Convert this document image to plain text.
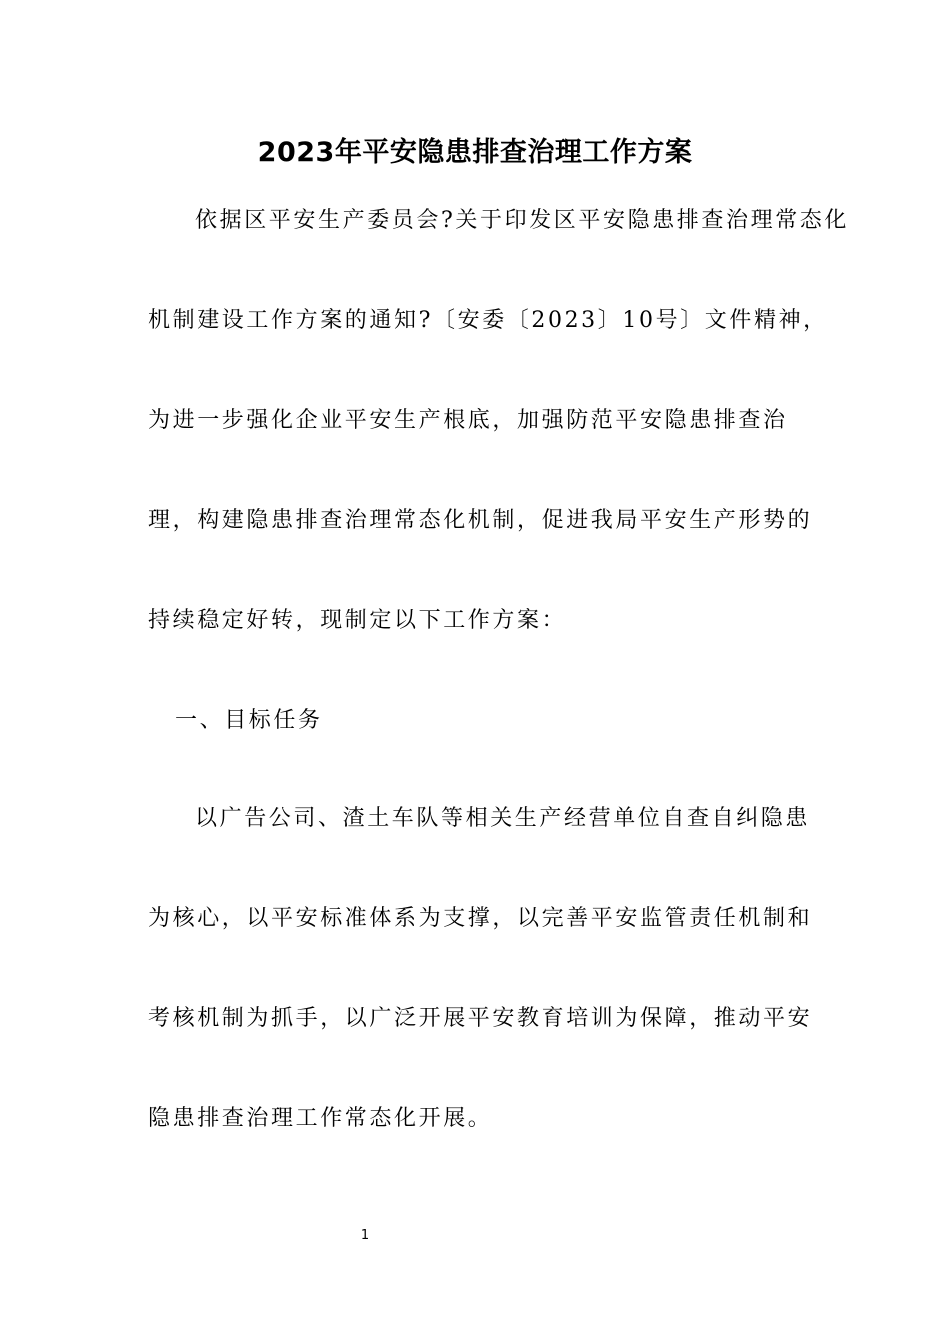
2023年平安隐患排查治理工作方案
依据区平安生产委员会?关于印发区平安隐患排查治理常态化
机制建设工作方案的通知?〔安委〔2023〕10号〕文件精神，
为进一步强化企业平安生产根底，加强防范平安隐患排查治
理，构建隐患排查治理常态化机制，促进我局平安生产形势的
持续稳定好转，现制定以下工作方案：
一、目标任务
以广告公司、渣土车队等相关生产经营单位自查自纠隐患
为核心，以平安标准体系为支撑，以完善平安监管责任机制和
考核机制为抓手，以广泛开展平安教育培训为保障，推动平安
隐患排查治理工作常态化开展。
1
